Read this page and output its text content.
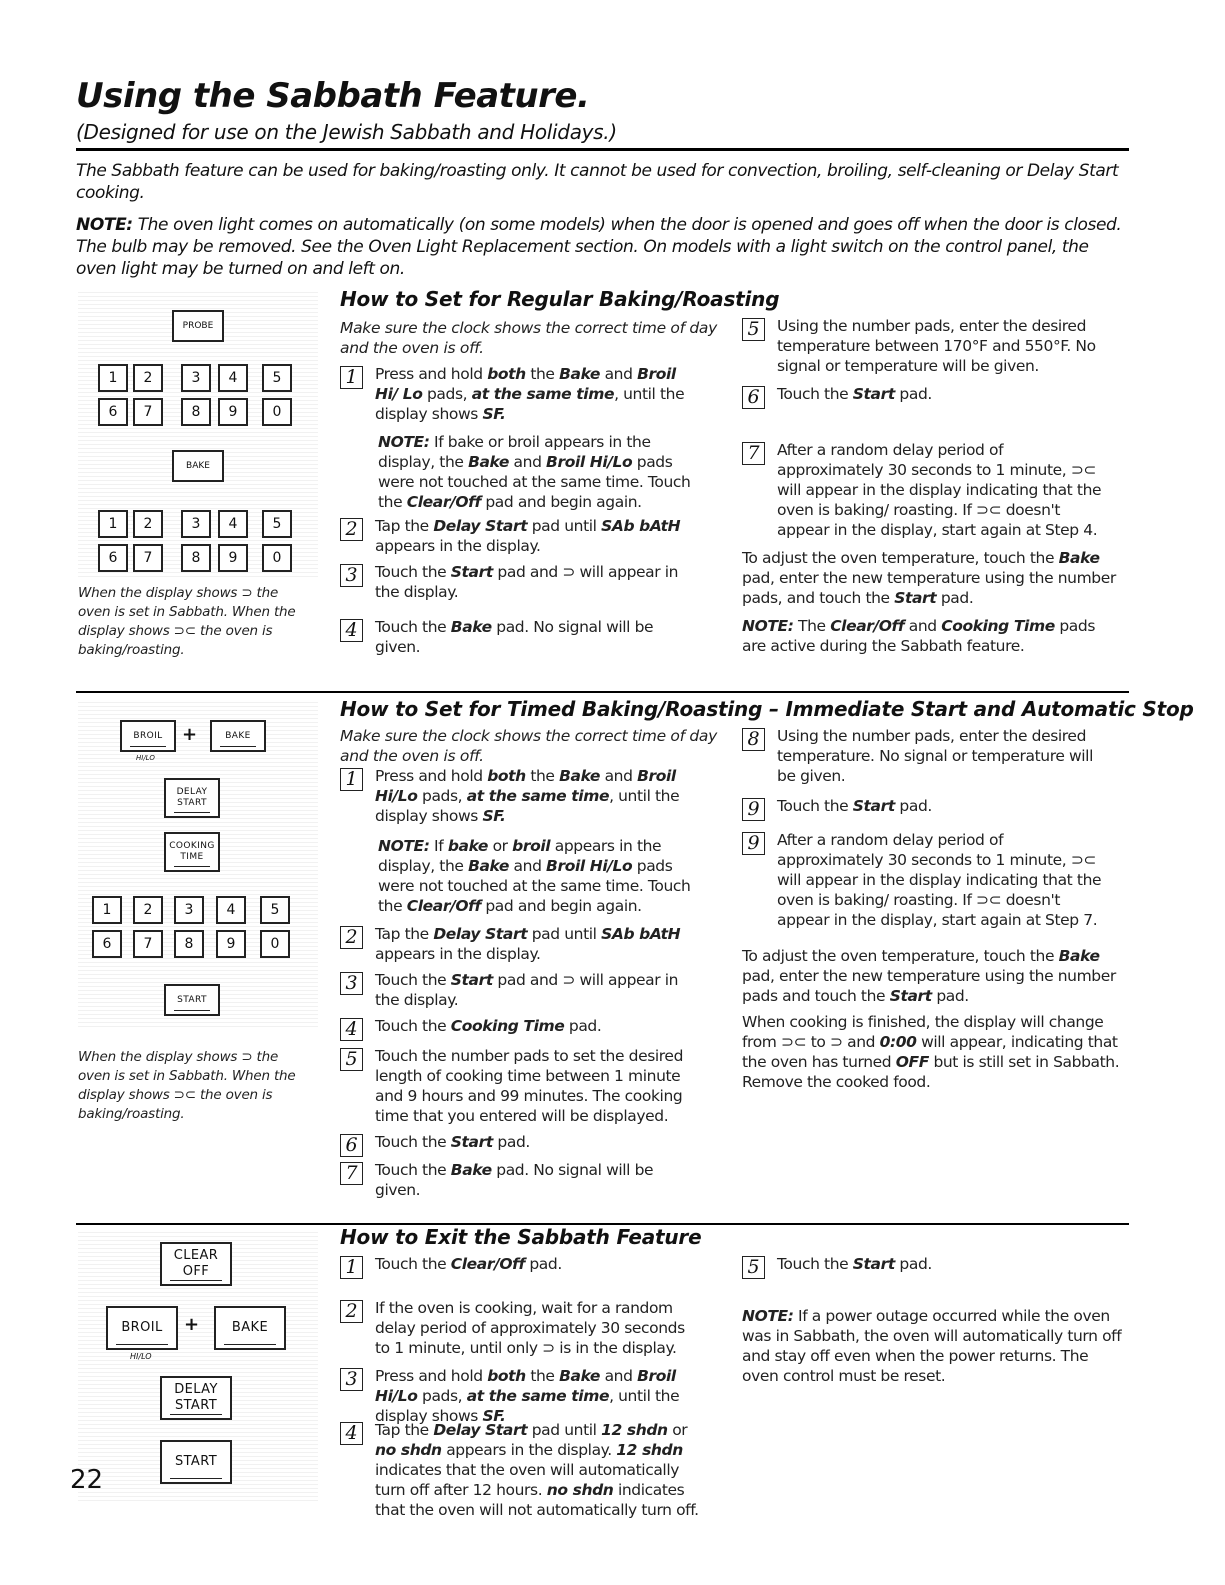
Using the Sabbath Feature.
(Designed for use on the Jewish Sabbath and Holidays.)
The Sabbath feature can be used for baking/roasting only. It cannot be used for convection, broiling, self-cleaning or Delay Start cooking.
NOTE: The oven light comes on automatically (on some models) when the door is opened and goes off when the door is closed. The bulb may be removed. See the Oven Light Replacement section. On models with a light switch on the control panel, the oven light may be turned on and left on.
PROBE
1	2	3	4	5
6	7	8	9	0
BAKE
1	2	3	4	5
6	7	8	9	0
When the display shows ⊃ the
oven is set in Sabbath. When the
display shows ⊃⊂ the oven is
baking/roasting.
How to Set for Regular Baking/Roasting
Make sure the clock shows the correct time of day
and the oven is off.
1	Press and hold both the Bake and Broil Hi/ Lo pads, at the same time, until the display shows SF.
NOTE: If bake or broil appears in the display, the Bake and Broil Hi/Lo pads were not touched at the same time. Touch the Clear/Off pad and begin again.
2	Tap the Delay Start pad until SAb bAtH appears in the display.
3	Touch the Start pad and ⊃ will appear in the display.
4	Touch the Bake pad. No signal will be given.
5	Using the number pads, enter the desired temperature between 170°F and 550°F. No signal or temperature will be given.
6	Touch the Start pad.
7	After a random delay period of approximately 30 seconds to 1 minute, ⊃⊂ will appear in the display indicating that the oven is baking/ roasting. If ⊃⊂ doesn't appear in the display, start again at Step 4.
To adjust the oven temperature, touch the Bake pad, enter the new temperature using the number pads, and touch the Start pad.
NOTE: The Clear/Off and Cooking Time pads are active during the Sabbath feature.
BROIL
HI/LO
+	BAKE
DELAY
START
COOKING
TIME
1	2	3	4	5
6	7	8	9	0
START
When the display shows ⊃ the
oven is set in Sabbath. When the
display shows ⊃⊂ the oven is
baking/roasting.
How to Set for Timed Baking/Roasting – Immediate Start and Automatic Stop
Make sure the clock shows the correct time of day
and the oven is off.
1	Press and hold both the Bake and Broil Hi/Lo pads, at the same time, until the display shows SF.
NOTE: If bake or broil appears in the display, the Bake and Broil Hi/Lo pads were not touched at the same time. Touch the Clear/Off pad and begin again.
2	Tap the Delay Start pad until SAb bAtH appears in the display.
3	Touch the Start pad and ⊃ will appear in the display.
4	Touch the Cooking Time pad.
5	Touch the number pads to set the desired length of cooking time between 1 minute and 9 hours and 99 minutes. The cooking time that you entered will be displayed.
6	Touch the Start pad.
7	Touch the Bake pad. No signal will be given.
8	Using the number pads, enter the desired temperature. No signal or temperature will be given.
9	Touch the Start pad.
9	After a random delay period of approximately 30 seconds to 1 minute, ⊃⊂ will appear in the display indicating that the oven is baking/ roasting. If ⊃⊂ doesn't appear in the display, start again at Step 7.
To adjust the oven temperature, touch the Bake pad, enter the new temperature using the number pads and touch the Start pad.
When cooking is finished, the display will change from ⊃⊂ to ⊃ and 0:00 will appear, indicating that the oven has turned OFF but is still set in Sabbath. Remove the cooked food.
CLEAR
OFF
BROIL
HI/LO
+	BAKE
DELAY
START
START
How to Exit the Sabbath Feature
1	Touch the Clear/Off pad.
2	If the oven is cooking, wait for a random delay period of approximately 30 seconds to 1 minute, until only ⊃ is in the display.
3	Press and hold both the Bake and Broil Hi/Lo pads, at the same time, until the display shows SF.
4	Tap the Delay Start pad until 12 shdn or no shdn appears in the display. 12 shdn indicates that the oven will automatically turn off after 12 hours. no shdn indicates that the oven will not automatically turn off.
5	Touch the Start pad.
NOTE: If a power outage occurred while the oven was in Sabbath, the oven will automatically turn off and stay off even when the power returns. The oven control must be reset.
22
